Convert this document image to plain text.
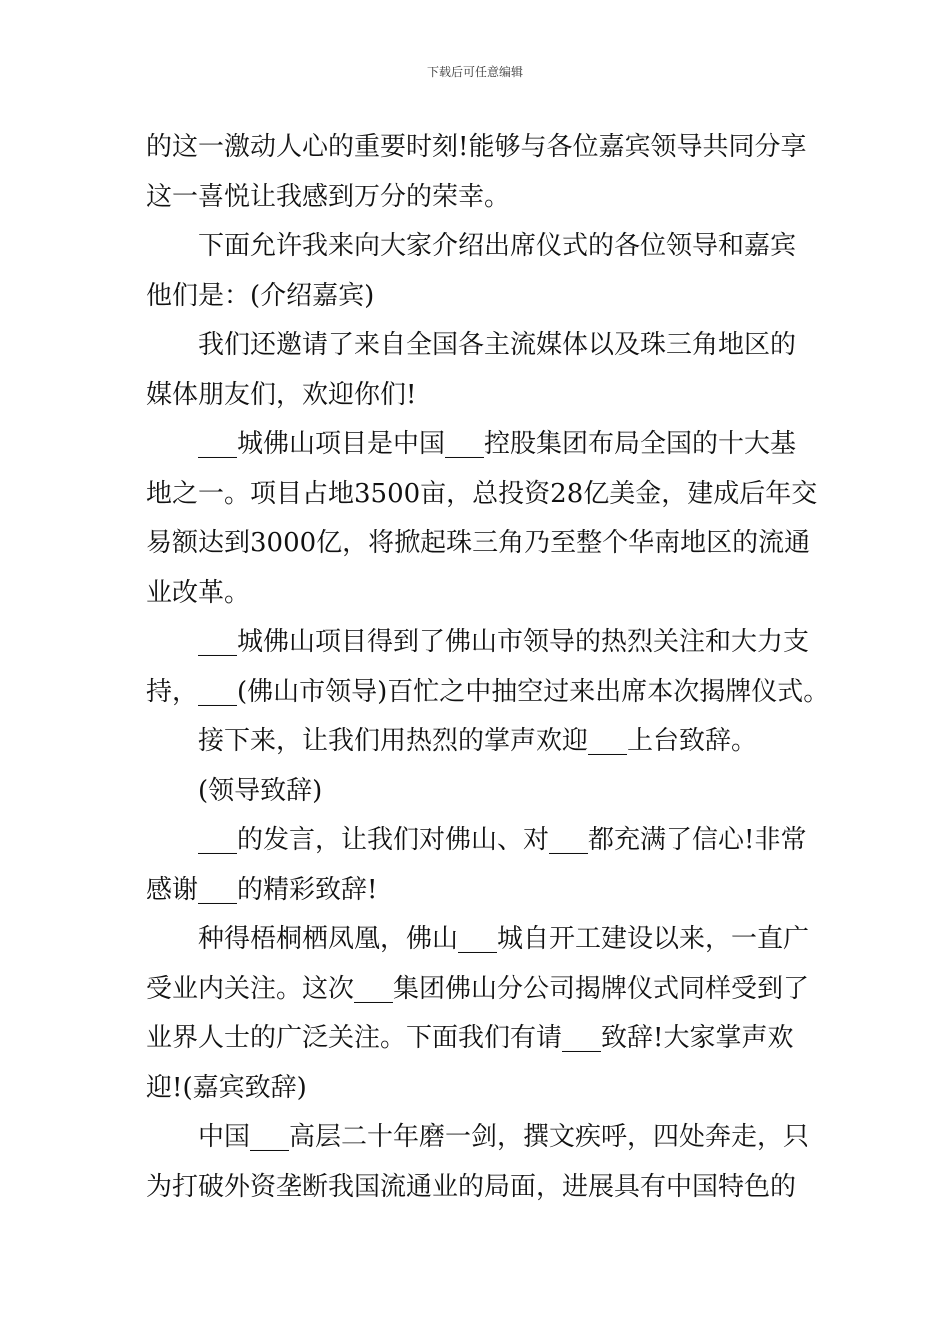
下载后可任意编辑

的这一激动人心的重要时刻!能够与各位嘉宾领导共同分享
这一喜悦让我感到万分的荣幸。

下面允许我来向大家介绍出席仪式的各位领导和嘉宾
他们是：(介绍嘉宾)

我们还邀请了来自全国各主流媒体以及珠三角地区的
媒体朋友们，欢迎你们!

___城佛山项目是中国___控股集团布局全国的十大基
地之一。项目占地3500亩，总投资28亿美金，建成后年交
易额达到3000亿，将掀起珠三角乃至整个华南地区的流通
业改革。

___城佛山项目得到了佛山市领导的热烈关注和大力支
持，___(佛山市领导)百忙之中抽空过来出席本次揭牌仪式。

接下来，让我们用热烈的掌声欢迎___上台致辞。

(领导致辞)

___的发言，让我们对佛山、对___都充满了信心!非常
感谢___的精彩致辞!

种得梧桐栖凤凰，佛山___城自开工建设以来，一直广
受业内关注。这次___集团佛山分公司揭牌仪式同样受到了
业界人士的广泛关注。下面我们有请___致辞!大家掌声欢
迎!(嘉宾致辞)

中国___高层二十年磨一剑，撰文疾呼，四处奔走，只
为打破外资垄断我国流通业的局面，进展具有中国特色的
